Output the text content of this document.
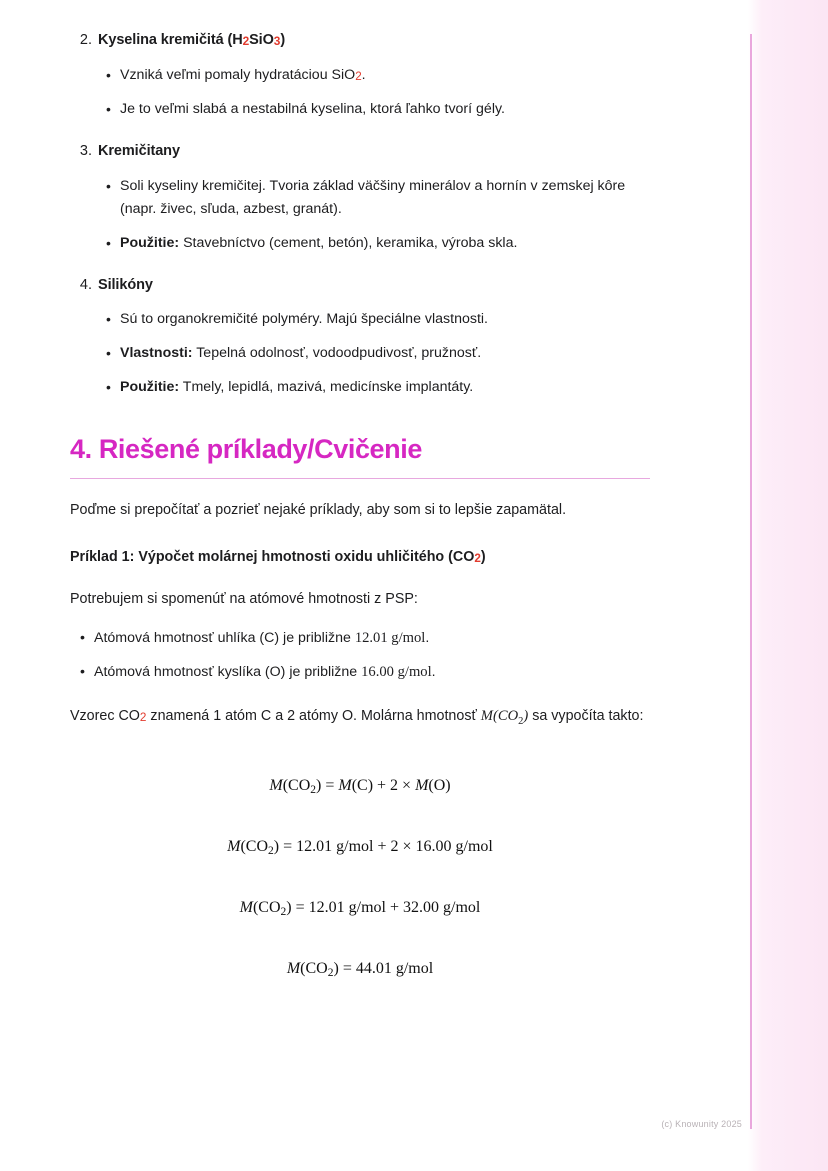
2. Kyselina kremičitá (H2SiO3)
• Vzniká veľmi pomaly hydratáciou SiO2.
• Je to veľmi slabá a nestabilná kyselina, ktorá ľahko tvorí gély.
3. Kremičitany
• Soli kyseliny kremičitej. Tvoria základ väčšiny minerálov a hornín v zemskej kôre (napr. živec, sľuda, azbest, granát).
• Použitie: Stavebníctvo (cement, betón), keramika, výroba skla.
4. Silikóny
• Sú to organokremičité polyméry. Majú špeciálne vlastnosti.
• Vlastnosti: Tepelná odolnosť, vodoodpudivosť, pružnosť.
• Použitie: Tmely, lepidlá, mazivá, medicínske implantáty.
4. Riešené príklady/Cvičenie
Poďme si prepočítať a pozrieť nejaké príklady, aby som si to lepšie zapamätal.
Príklad 1: Výpočet molárnej hmotnosti oxidu uhličitého (CO2)
Potrebujem si spomenúť na atómové hmotnosti z PSP:
• Atómová hmotnosť uhlíka (C) je približne 12.01 g/mol.
• Atómová hmotnosť kyslíka (O) je približne 16.00 g/mol.
Vzorec CO2 znamená 1 atóm C a 2 atómy O. Molárna hmotnosť $M(CO_2)$ sa vypočíta takto:
$M(CO_2) = M(C) + 2 \times M(O)$
$M(CO_2) = 12.01$ g/mol + 2 × 16.00 g/mol
$M(CO_2) = 12.01$ g/mol + 32.00 g/mol
$M(CO_2) = 44.01$ g/mol
(c) Knowunity 2025
